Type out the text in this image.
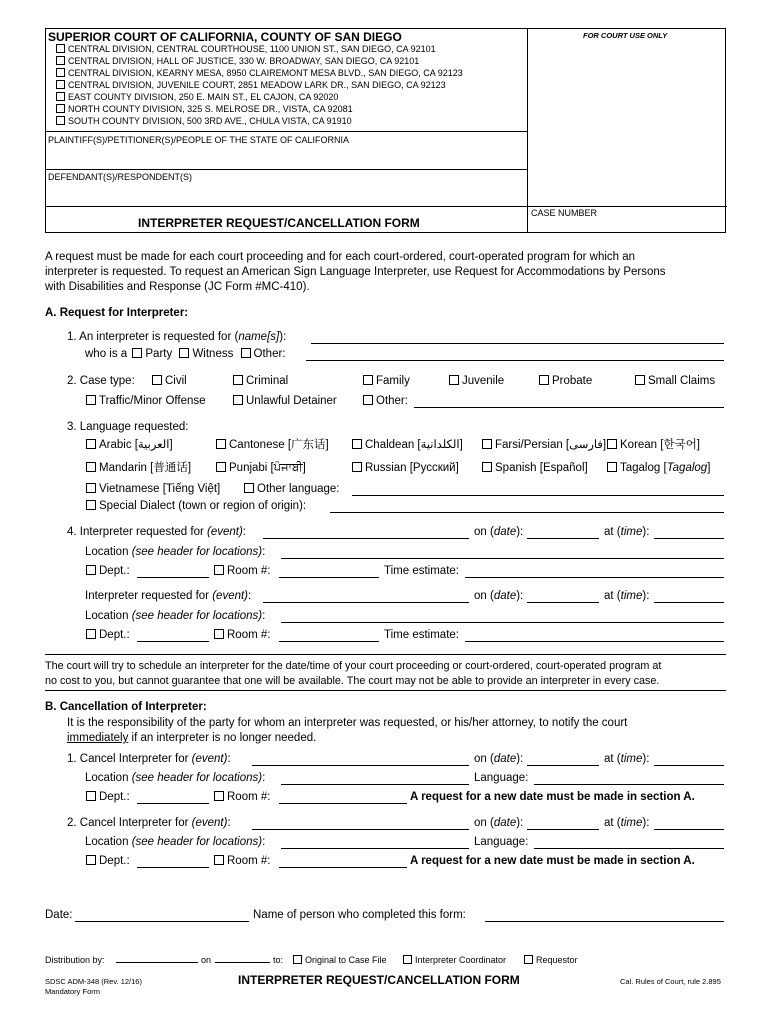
SUPERIOR COURT OF CALIFORNIA, COUNTY OF SAN DIEGO	FOR COURT USE ONLY
CENTRAL DIVISION, CENTRAL COURTHOUSE, 1100 UNION ST., SAN DIEGO, CA 92101
CENTRAL DIVISION, HALL OF JUSTICE, 330 W. BROADWAY, SAN DIEGO, CA 92101
CENTRAL DIVISION, KEARNY MESA, 8950 CLAIREMONT MESA BLVD., SAN DIEGO, CA 92123
CENTRAL DIVISION, JUVENILE COURT, 2851 MEADOW LARK DR., SAN DIEGO, CA 92123
EAST COUNTY DIVISION, 250 E. MAIN ST., EL CAJON, CA 92020
NORTH COUNTY DIVISION, 325 S. MELROSE DR., VISTA, CA 92081
SOUTH COUNTY DIVISION, 500 3RD AVE., CHULA VISTA, CA 91910
PLAINTIFF(S)/PETITIONER(S)/PEOPLE OF THE STATE OF CALIFORNIA
DEFENDANT(S)/RESPONDENT(S)
INTERPRETER REQUEST/CANCELLATION FORM
CASE NUMBER
A request must be made for each court proceeding and for each court-ordered, court-operated program for which an
interpreter is requested. To request an American Sign Language Interpreter, use Request for Accommodations by Persons
with Disabilities and Response (JC Form #MC-410).
A. Request for Interpreter:
1. An interpreter is requested for (name[s]):
who is a Party Witness Other:
2. Case type:	Civil	Criminal	Family	Juvenile	Probate	Small Claims
Traffic/Minor Offense	Unlawful Detainer	Other:
3. Language requested:
Arabic [العربية]	Cantonese [广东话]	Chaldean [الكلدانية]	Farsi/Persian [فارسی]	Korean [한국어]
Mandarin [普通话]	Punjabi [ਪੰਜਾਬੀ]	Russian [Русский]	Spanish [Español]	Tagalog [Tagalog]
Vietnamese [Tiếng Việt]	Other language:
Special Dialect (town or region of origin):
4. Interpreter requested for (event):	on (date):	at (time):
Location (see header for locations):
Dept.:	Room #:	Time estimate:
Interpreter requested for (event):	on (date):	at (time):
Location (see header for locations):
Dept.:	Room #:	Time estimate:
The court will try to schedule an interpreter for the date/time of your court proceeding or court-ordered, court-operated program at
no cost to you, but cannot guarantee that one will be available. The court may not be able to provide an interpreter in every case.
B. Cancellation of Interpreter:
It is the responsibility of the party for whom an interpreter was requested, or his/her attorney, to notify the court
immediately if an interpreter is no longer needed.
1. Cancel Interpreter for (event):	on (date):	at (time):
Location (see header for locations):	Language:
Dept.:	Room #:	A request for a new date must be made in section A.
2. Cancel Interpreter for (event):	on (date):	at (time):
Location (see header for locations):	Language:
Dept.:	Room #:	A request for a new date must be made in section A.
Date:	Name of person who completed this form:
Distribution by:	on	to:	Original to Case File	Interpreter Coordinator	Requestor
SDSC ADM-348 (Rev. 12/16)
Mandatory Form
INTERPRETER REQUEST/CANCELLATION FORM	Cal. Rules of Court, rule 2.895
